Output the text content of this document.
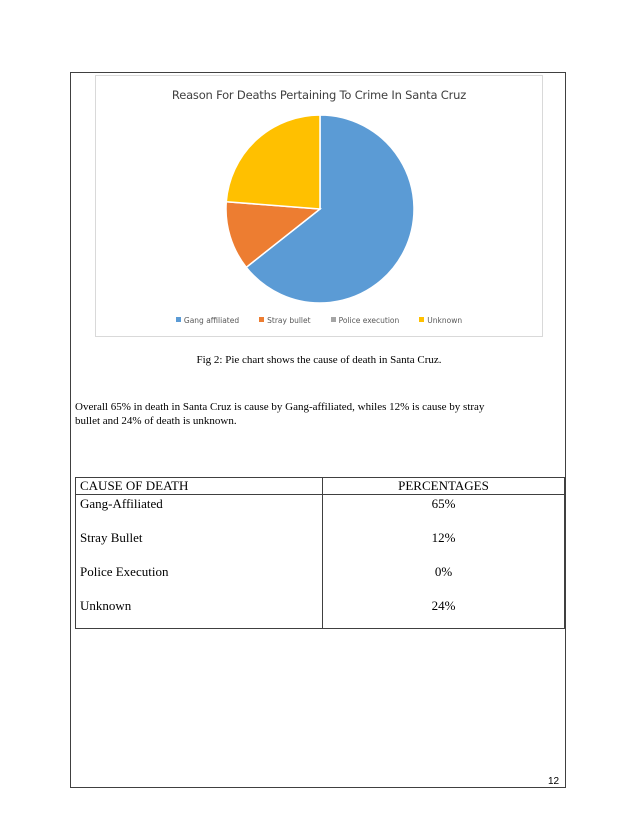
Reason For Deaths Pertaining To Crime In Santa Cruz
Gang affiliated	Stray bullet	Police execution	Unknown
Fig 2: Pie chart shows the cause of death in Santa Cruz.
Overall 65% in death in Santa Cruz is cause by Gang-affiliated, whiles 12% is cause by stray bullet and 24% of death is unknown.
CAUSE OF DEATH	PERCENTAGES
Gang-Affiliated	65%
Stray Bullet	12%
Police Execution	0%
Unknown	24%
12
